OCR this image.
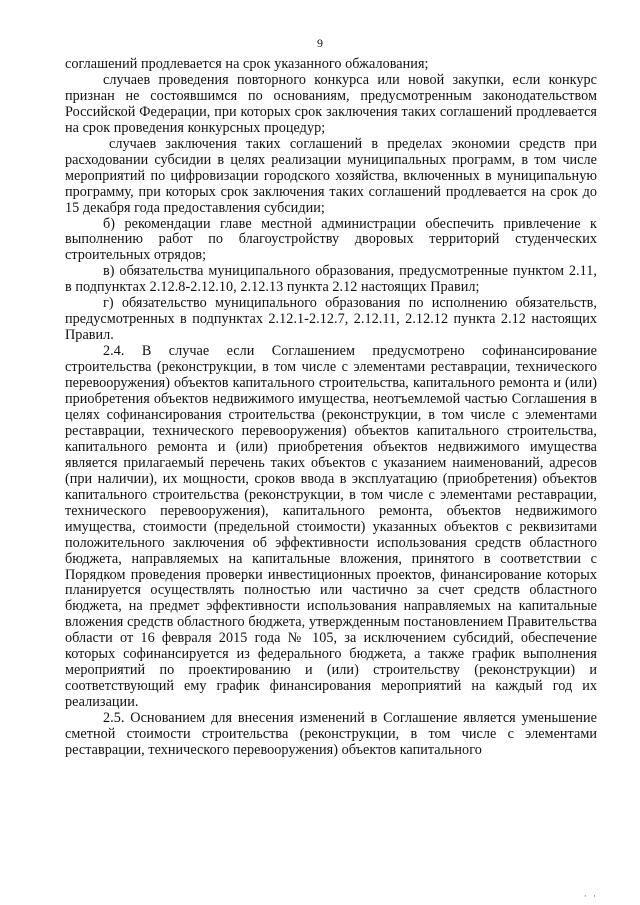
9

соглашений продлевается на срок указанного обжалования;

случаев проведения повторного конкурса или новой закупки, если конкурс признан не состоявшимся по основаниям, предусмотренным законодательством Российской Федерации, при которых срок заключения таких соглашений продлевается на срок проведения конкурсных процедур;

случаев заключения таких соглашений в пределах экономии средств при расходовании субсидии в целях реализации муниципальных программ, в том числе мероприятий по цифровизации городского хозяйства, включенных в муниципальную программу, при которых срок заключения таких соглашений продлевается на срок до 15 декабря года предоставления субсидии;

б) рекомендации главе местной администрации обеспечить привлечение к выполнению работ по благоустройству дворовых территорий студенческих строительных отрядов;

в) обязательства муниципального образования, предусмотренные пунктом 2.11, в подпунктах 2.12.8-2.12.10, 2.12.13 пункта 2.12 настоящих Правил;

г) обязательство муниципального образования по исполнению обязательств, предусмотренных в подпунктах 2.12.1-2.12.7, 2.12.11, 2.12.12 пункта 2.12 настоящих Правил.

2.4. В случае если Соглашением предусмотрено софинансирование строительства (реконструкции, в том числе с элементами реставрации, технического перевооружения) объектов капитального строительства, капитального ремонта и (или) приобретения объектов недвижимого имущества, неотъемлемой частью Соглашения в целях софинансирования строительства (реконструкции, в том числе с элементами реставрации, технического перевооружения) объектов капитального строительства, капитального ремонта и (или) приобретения объектов недвижимого имущества является прилагаемый перечень таких объектов с указанием наименований, адресов (при наличии), их мощности, сроков ввода в эксплуатацию (приобретения) объектов капитального строительства (реконструкции, в том числе с элементами реставрации, технического перевооружения), капитального ремонта, объектов недвижимого имущества, стоимости (предельной стоимости) указанных объектов с реквизитами положительного заключения об эффективности использования средств областного бюджета, направляемых на капитальные вложения, принятого в соответствии с Порядком проведения проверки инвестиционных проектов, финансирование которых планируется осуществлять полностью или частично за счет средств областного бюджета, на предмет эффективности использования направляемых на капитальные вложения средств областного бюджета, утвержденным постановлением Правительства области от 16 февраля 2015 года № 105, за исключением субсидий, обеспечение которых софинансируется из федерального бюджета, а также график выполнения мероприятий по проектированию и (или) строительству (реконструкции) и соответствующий ему график финансирования мероприятий на каждый год их реализации.

2.5. Основанием для внесения изменений в Соглашение является уменьшение сметной стоимости строительства (реконструкции, в том числе с элементами реставрации, технического перевооружения) объектов капитального

· ·
